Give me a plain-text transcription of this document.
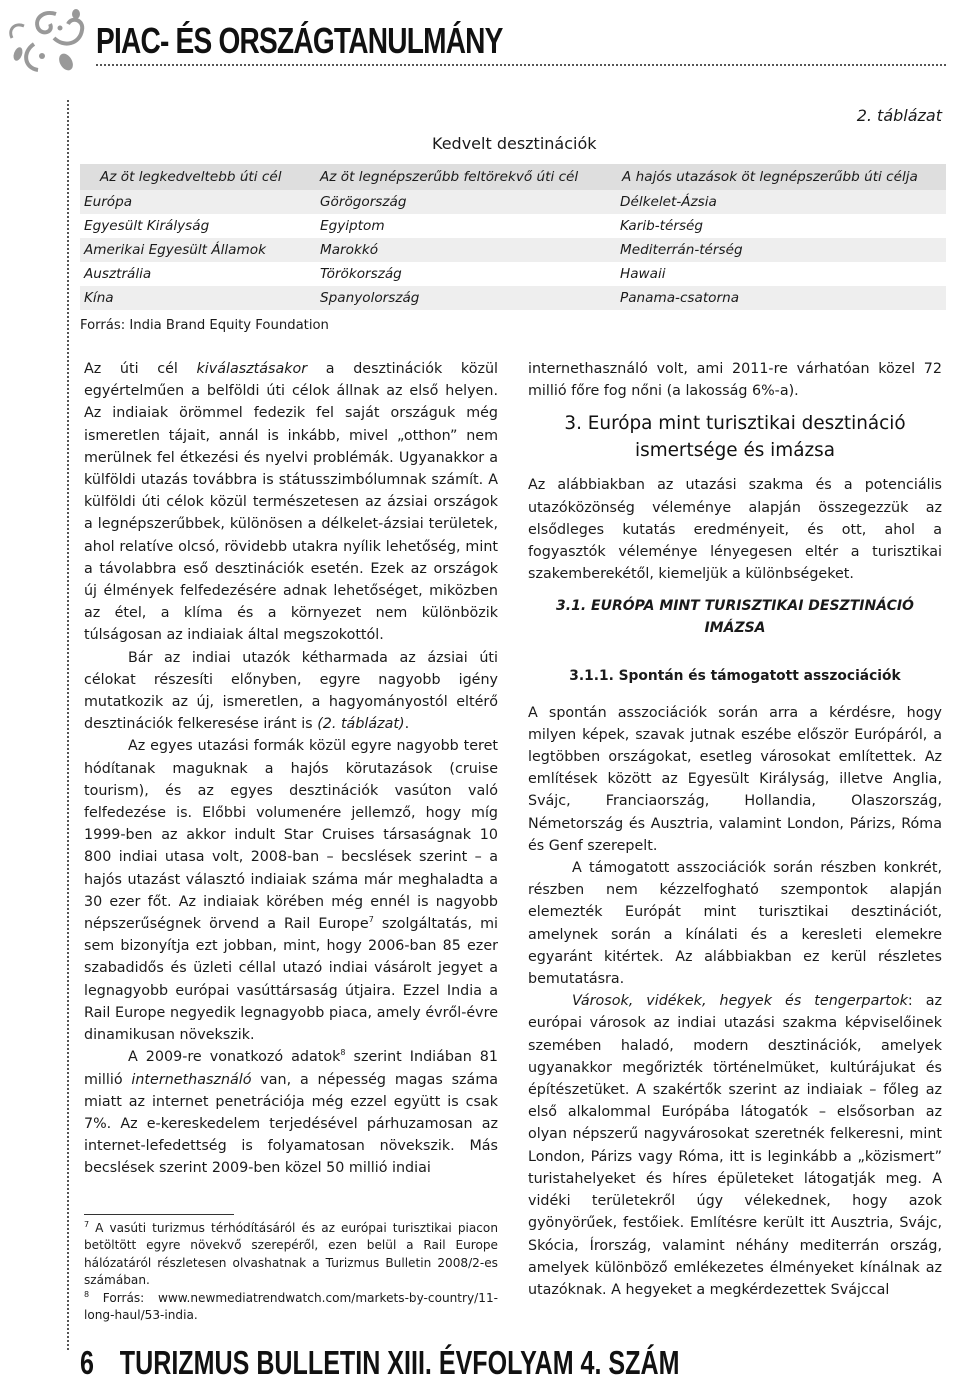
PIAC- ÉS ORSZÁGTANULMÁNY
2. táblázat
Kedvelt desztinációk
Az öt legkedveltebb úti cél	Az öt legnépszerűbb feltörekvő úti cél	A hajós utazások öt legnépszerűbb úti célja
Európa	Görögország	Délkelet-Ázsia
Egyesült Királyság	Egyiptom	Karib-térség
Amerikai Egyesült Államok	Marokkó	Mediterrán-térség
Ausztrália	Törökország	Hawaii
Kína	Spanyolország	Panama-csatorna
Forrás: India Brand Equity Foundation

Az úti cél kiválasztásakor a desztinációk közül egyértelműen a belföldi úti célok állnak az első helyen. Az indiaiak örömmel fedezik fel saját országuk még ismeretlen tájait, annál is inkább, mivel „otthon” nem merülnek fel étkezési és nyelvi problémák. Ugyanakkor a külföldi utazás továbbra is státusszimbólumnak számít. A külföldi úti célok közül természetesen az ázsiai országok a legnépszerűbbek, különösen a délkelet-ázsiai területek, ahol relatíve olcsó, rövidebb utakra nyílik lehetőség, mint a távolabbra eső desztinációk esetén. Ezek az országok új élmények felfedezésére adnak lehetőséget, miközben az étel, a klíma és a környezet nem különbözik túlságosan az indiaiak által megszokottól.

Bár az indiai utazók kétharmada az ázsiai úti célokat részesíti előnyben, egyre nagyobb igény mutatkozik az új, ismeretlen, a hagyományostól eltérő desztinációk felkeresése iránt is (2. táblázat).

Az egyes utazási formák közül egyre nagyobb teret hódítanak maguknak a hajós körutazások (cruise tourism), és az egyes desztinációk vasúton való felfedezése is. Előbbi volumenére jellemző, hogy míg 1999-ben az akkor indult Star Cruises társaságnak 10 800 indiai utasa volt, 2008-ban – becslések szerint – a hajós utazást választó indiaiak száma már meghaladta a 30 ezer főt. Az indiaiak körében még ennél is nagyobb népszerűségnek örvend a Rail Europe$^7$ szolgáltatás, mi sem bizonyítja ezt jobban, mint, hogy 2006-ban 85 ezer szabadidős és üzleti céllal utazó indiai vásárolt jegyet a legnagyobb európai vasúttársaság útjaira. Ezzel India a Rail Europe negyedik legnagyobb piaca, amely évről-évre dinamikusan növekszik.

A 2009-re vonatkozó adatok$^8$ szerint Indiában 81 millió internethasználó van, a népesség magas száma miatt az internet penetrációja még ezzel együtt is csak 7%. Az e-kereskedelem terjedésével párhuzamosan az internet-lefedettség is folyamatosan növekszik. Más becslések szerint 2009-ben közel 50 millió indiai

$^7$ A vasúti turizmus térhódításáról és az európai turisztikai piacon betöltött egyre növekvő szerepéről, ezen belül a Rail Europe hálózatáról részletesen olvashatnak a Turizmus Bulletin 2008/2-es számában.

$^8$ Forrás: www.newmediatrendwatch.com/markets-by-country/11-long-haul/53-india.

internethasználó volt, ami 2011-re várhatóan közel 72 millió főre fog nőni (a lakosság 6%-a).

3. Európa mint turisztikai desztináció ismertsége és imázsa

Az alábbiakban az utazási szakma és a potenciális utazóközönség véleménye alapján összegezzük az elsődleges kutatás eredményeit, és ott, ahol a fogyasztók véleménye lényegesen eltér a turisztikai szakemberekétől, kiemeljük a különbségeket.

3.1. EURÓPA MINT TURISZTIKAI DESZTINÁCIÓ IMÁZSA

3.1.1. Spontán és támogatott asszociációk

A spontán asszociációk során arra a kérdésre, hogy milyen képek, szavak jutnak eszébe először Európáról, a legtöbben országokat, esetleg városokat említettek. Az említések között az Egyesült Királyság, illetve Anglia, Svájc, Franciaország, Hollandia, Olaszország, Németország és Ausztria, valamint London, Párizs, Róma és Genf szerepelt.

A támogatott asszociációk során részben konkrét, részben nem kézzelfogható szempontok alapján elemezték Európát mint turisztikai desztinációt, amelynek során a kínálati és a keresleti elemekre egyaránt kitértek. Az alábbiakban ez kerül részletes bemutatásra.

Városok, vidékek, hegyek és tengerpartok: az európai városok az indiai utazási szakma képviselőinek szemében haladó, modern desztinációk, amelyek ugyanakkor megőrizték történelmüket, kultúrájukat és építészetüket. A szakértők szerint az indiaiak – főleg az első alkalommal Európába látogatók – elsősorban az olyan népszerű nagyvárosokat szeretnék felkeresni, mint London, Párizs vagy Róma, itt is leginkább a „közismert” turistahelyeket és híres épületeket látogatják meg. A vidéki területekről úgy vélekednek, hogy azok gyönyörűek, festőiek. Említésre került itt Ausztria, Svájc, Skócia, Írország, valamint néhány mediterrán ország, amelyek különböző emlékezetes élményeket kínálnak az utazóknak. A hegyeket a megkérdezettek Svájccal

6 TURIZMUS BULLETIN XIII. ÉVFOLYAM 4. SZÁM
